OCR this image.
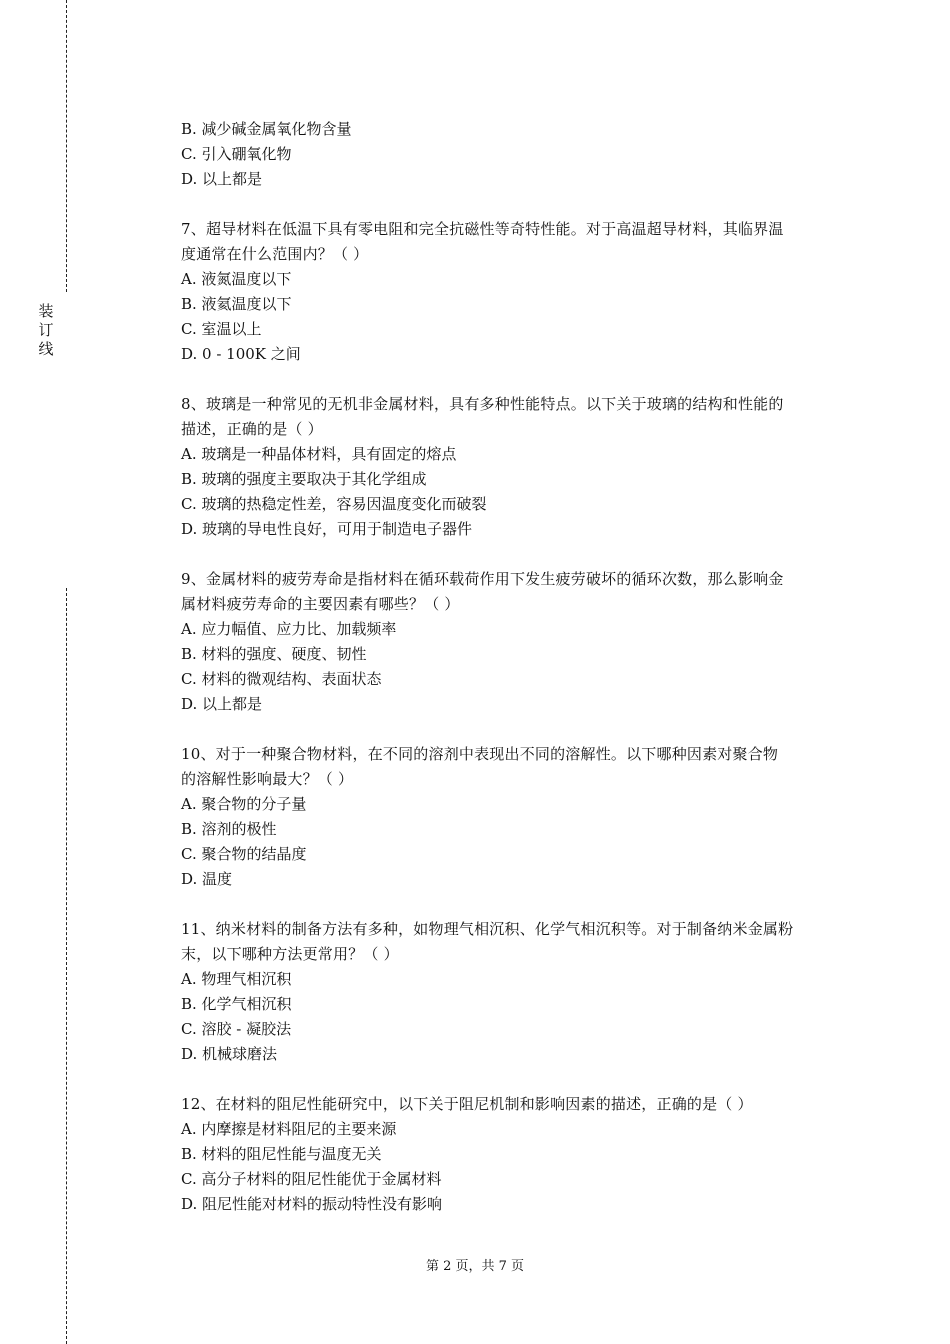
装订线
B. 减少碱金属氧化物含量
C. 引入硼氧化物
D. 以上都是
7、超导材料在低温下具有零电阻和完全抗磁性等奇特性能。对于高温超导材料，其临界温
度通常在什么范围内？（ ）
A. 液氮温度以下
B. 液氦温度以下
C. 室温以上
D. 0 - 100K 之间
8、玻璃是一种常见的无机非金属材料，具有多种性能特点。以下关于玻璃的结构和性能的
描述，正确的是（ ）
A. 玻璃是一种晶体材料，具有固定的熔点
B. 玻璃的强度主要取决于其化学组成
C. 玻璃的热稳定性差，容易因温度变化而破裂
D. 玻璃的导电性良好，可用于制造电子器件
9、金属材料的疲劳寿命是指材料在循环载荷作用下发生疲劳破坏的循环次数，那么影响金
属材料疲劳寿命的主要因素有哪些？（ ）
A. 应力幅值、应力比、加载频率
B. 材料的强度、硬度、韧性
C. 材料的微观结构、表面状态
D. 以上都是
10、对于一种聚合物材料，在不同的溶剂中表现出不同的溶解性。以下哪种因素对聚合物
的溶解性影响最大？（ ）
A. 聚合物的分子量
B. 溶剂的极性
C. 聚合物的结晶度
D. 温度
11、纳米材料的制备方法有多种，如物理气相沉积、化学气相沉积等。对于制备纳米金属粉
末，以下哪种方法更常用？（ ）
A. 物理气相沉积
B. 化学气相沉积
C. 溶胶 - 凝胶法
D. 机械球磨法
12、在材料的阻尼性能研究中，以下关于阻尼机制和影响因素的描述，正确的是（ ）
A. 内摩擦是材料阻尼的主要来源
B. 材料的阻尼性能与温度无关
C. 高分子材料的阻尼性能优于金属材料
D. 阻尼性能对材料的振动特性没有影响
第 2 页，共 7 页
